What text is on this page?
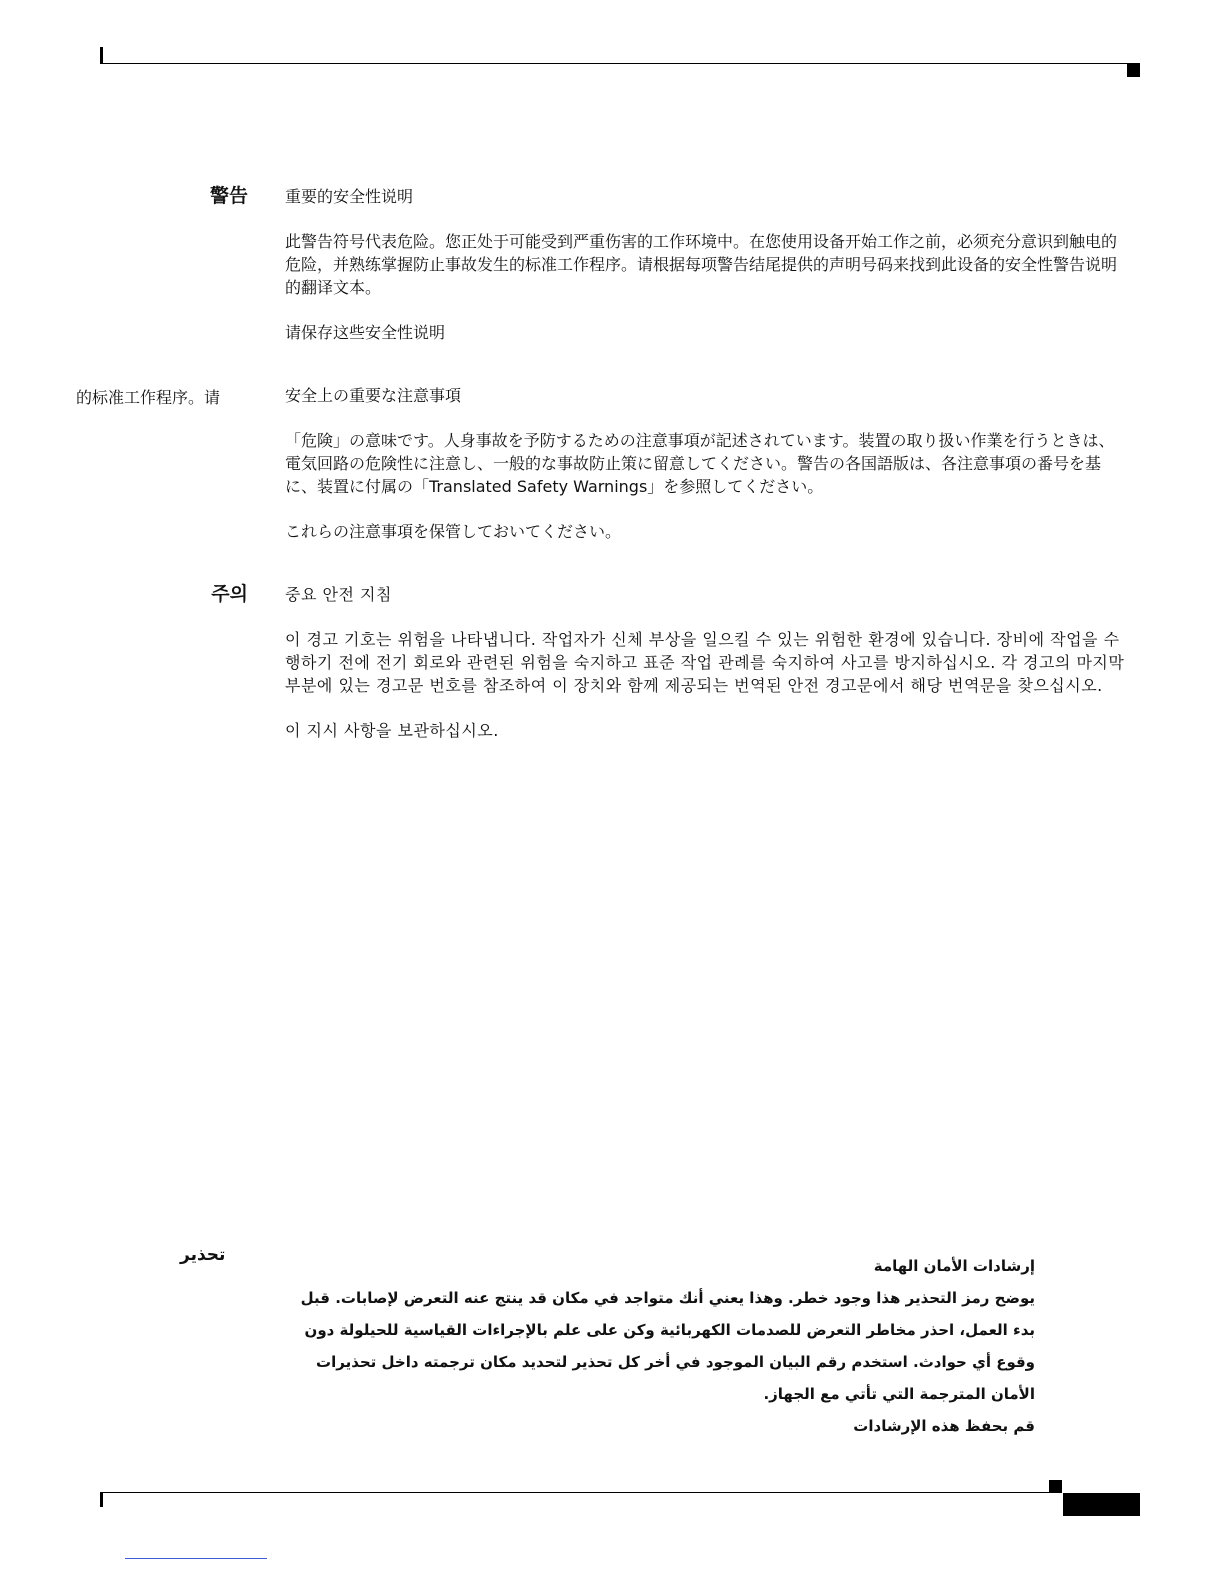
警告 重要的安全性说明

此警告符号代表危险。您正处于可能受到严重伤害的工作环境中。在您使用设备开始工作之前，必须充分意识到触电的危险，并熟练掌握防止事故发生的标准工作程序。请根据每项警告结尾提供的声明号码来找到此设备的安全性警告说明的翻译文本。

请保存这些安全性说明

的标准工作程序。请	安全上の重要な注意事項

「危険」の意味です。人身事故を予防するための注意事項が記述されています。装置の取り扱い作業を行うときは、電気回路の危険性に注意し、一般的な事故防止策に留意してください。警告の各国語版は、各注意事項の番号を基に、装置に付属の「Translated Safety Warnings」を参照してください。

これらの注意事項を保管しておいてください。

주의 중요 안전 지침

이 경고 기호는 위험을 나타냅니다. 작업자가 신체 부상을 일으킬 수 있는 위험한 환경에 있습니다. 장비에 작업을 수행하기 전에 전기 회로와 관련된 위험을 숙지하고 표준 작업 관례를 숙지하여 사고를 방지하십시오. 각 경고의 마지막 부분에 있는 경고문 번호를 참조하여 이 장치와 함께 제공되는 번역된 안전 경고문에서 해당 번역문을 찾으십시오.

이 지시 사항을 보관하십시오.

تحذير

إرشادات الأمان الهامة

يوضح رمز التحذير هذا وجود خطر. وهذا يعني أنك متواجد في مكان قد ينتج عنه التعرض لإصابات. قبل بدء العمل، احذر مخاطر التعرض للصدمات الكهربائية وكن على علم بالإجراءات القياسية للحيلولة دون وقوع أي حوادث. استخدم رقم البيان الموجود في أخر كل تحذير لتحديد مكان ترجمته داخل تحذيرات الأمان المترجمة التي تأتي مع الجهاز.

قم بحفظ هذه الإرشادات
